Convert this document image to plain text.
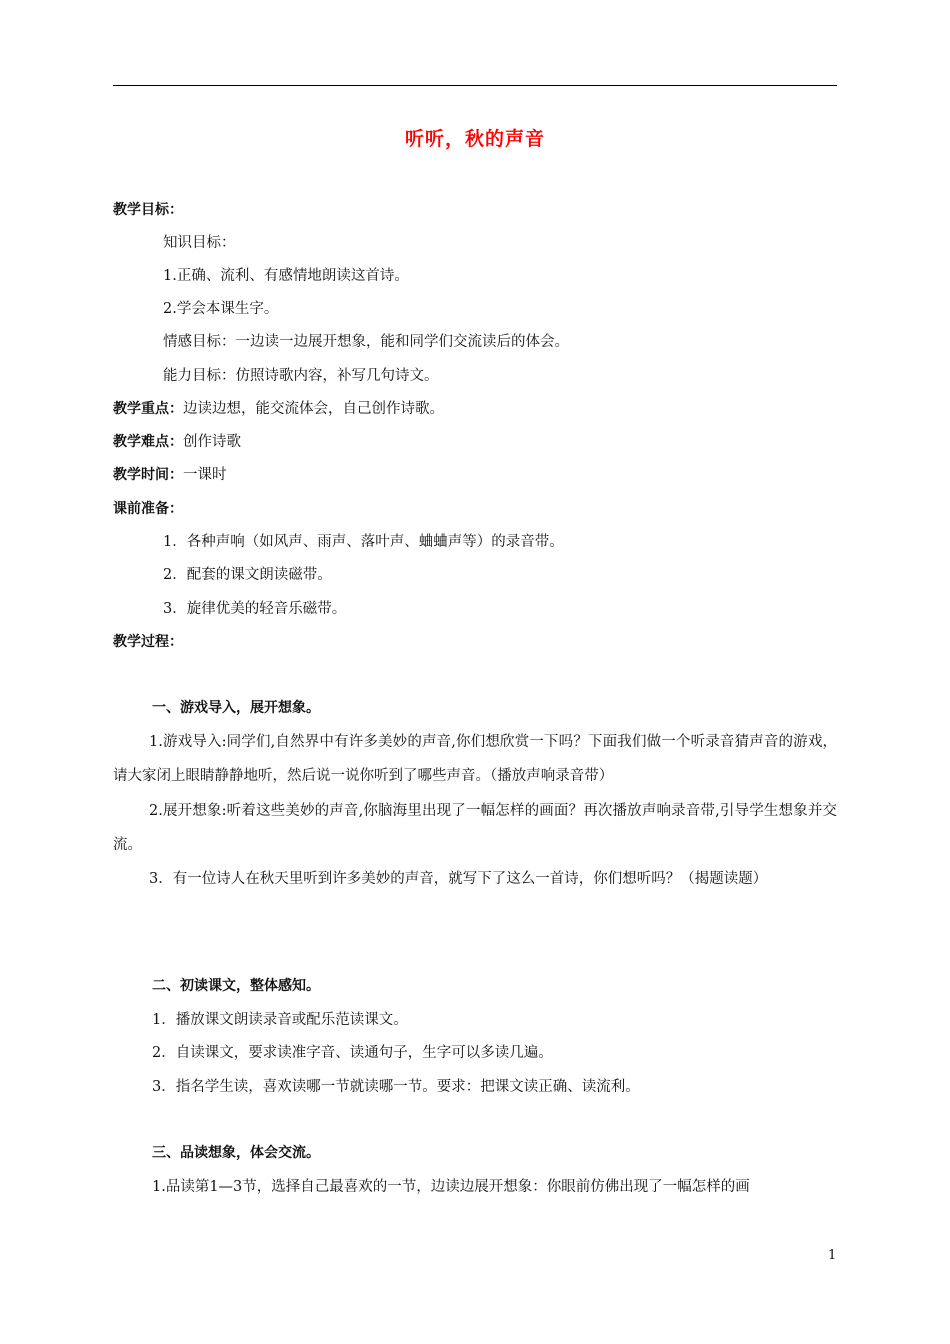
听听，秋的声音
教学目标：
知识目标：
1.正确、流利、有感情地朗读这首诗。
2.学会本课生字。
情感目标：一边读一边展开想象，能和同学们交流读后的体会。
能力目标：仿照诗歌内容，补写几句诗文。
教学重点：边读边想，能交流体会，自己创作诗歌。
教学难点：创作诗歌
教学时间：一课时
课前准备：
1．各种声响（如风声、雨声、落叶声、蛐蛐声等）的录音带。
2．配套的课文朗读磁带。
3．旋律优美的轻音乐磁带。
教学过程：
一、游戏导入，展开想象。
1.游戏导入:同学们,自然界中有许多美妙的声音,你们想欣赏一下吗？下面我们做一个听录音猜声音的游戏，请大家闭上眼睛静静地听，然后说一说你听到了哪些声音。（播放声响录音带）
2.展开想象:听着这些美妙的声音,你脑海里出现了一幅怎样的画面？再次播放声响录音带,引导学生想象并交流。
3．有一位诗人在秋天里听到许多美妙的声音，就写下了这么一首诗，你们想听吗？（揭题读题）
二、初读课文，整体感知。
1．播放课文朗读录音或配乐范读课文。
2．自读课文，要求读准字音、读通句子，生字可以多读几遍。
3．指名学生读，喜欢读哪一节就读哪一节。要求：把课文读正确、读流利。
三、品读想象，体会交流。
1.品读第1—3节，选择自己最喜欢的一节，边读边展开想象：你眼前仿佛出现了一幅怎样的画
1
